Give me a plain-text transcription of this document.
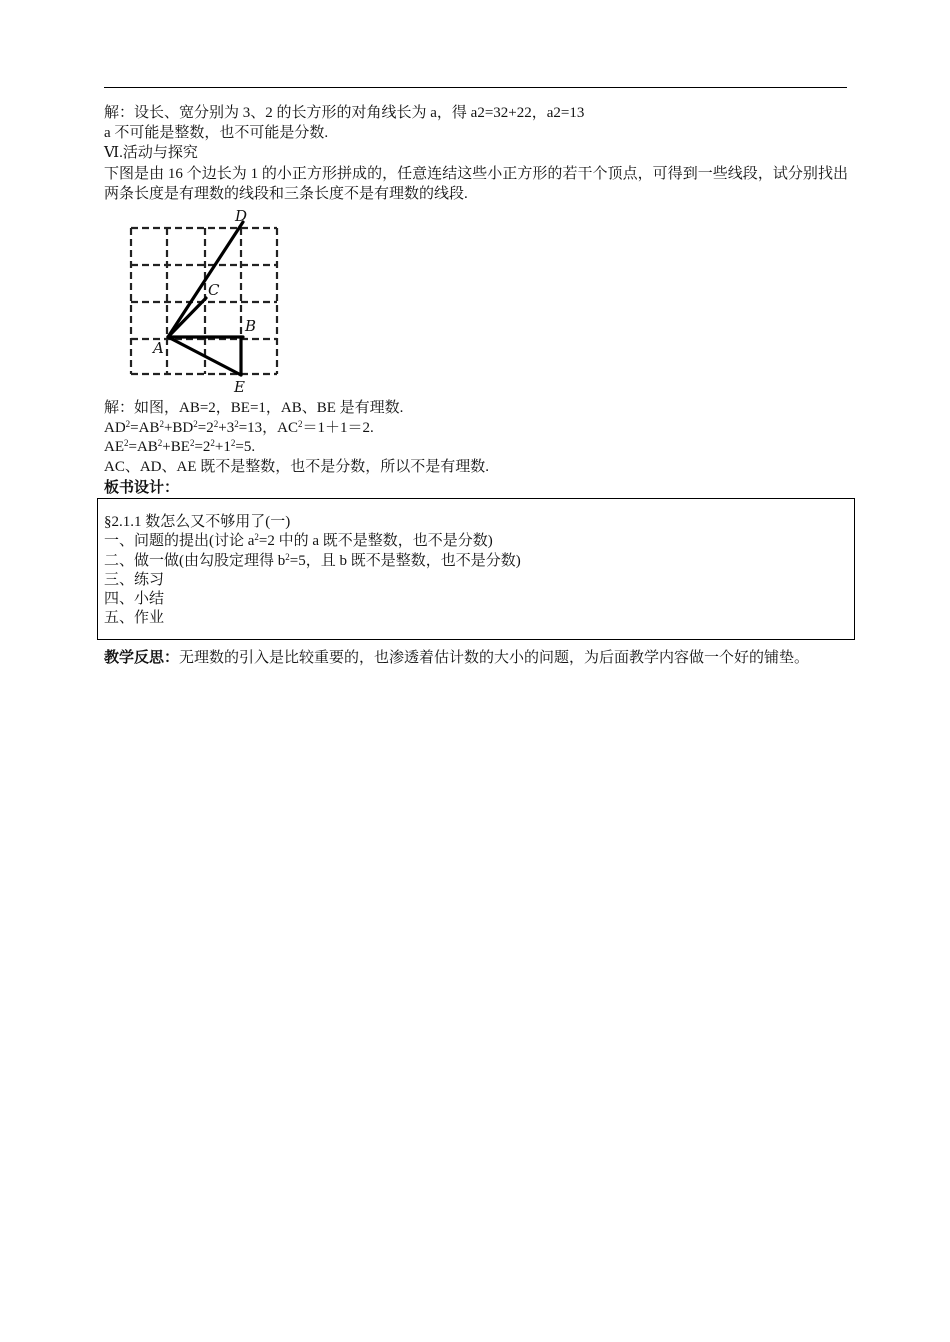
解：设长、宽分别为 3、2 的长方形的对角线长为 a，得 a2=32+22，a2=13
a 不可能是整数，也不可能是分数.
Ⅵ.活动与探究
下图是由 16 个边长为 1 的小正方形拼成的，任意连结这些小正方形的若干个顶点，可得到一些线段，试分别找出两条长度是有理数的线段和三条长度不是有理数的线段.
D
C
B
A
E
解：如图，AB=2，BE=1，AB、BE 是有理数.
$AD^2=AB^2+BD^2=2^2+3^2=13$，$AC^2=1+1=2$.
$AE^2=AB^2+BE^2=2^2+1^2=5$.
AC、AD、AE 既不是整数，也不是分数，所以不是有理数.
板书设计：
§2.1.1 数怎么又不够用了(一)
一、问题的提出(讨论 $a^2=2$ 中的 a 既不是整数，也不是分数)
二、做一做(由勾股定理得 $b^2=5$，且 b 既不是整数，也不是分数)
三、练习
四、小结
五、作业
教学反思：无理数的引入是比较重要的，也渗透着估计数的大小的问题，为后面教学内容做一个好的铺垫。
